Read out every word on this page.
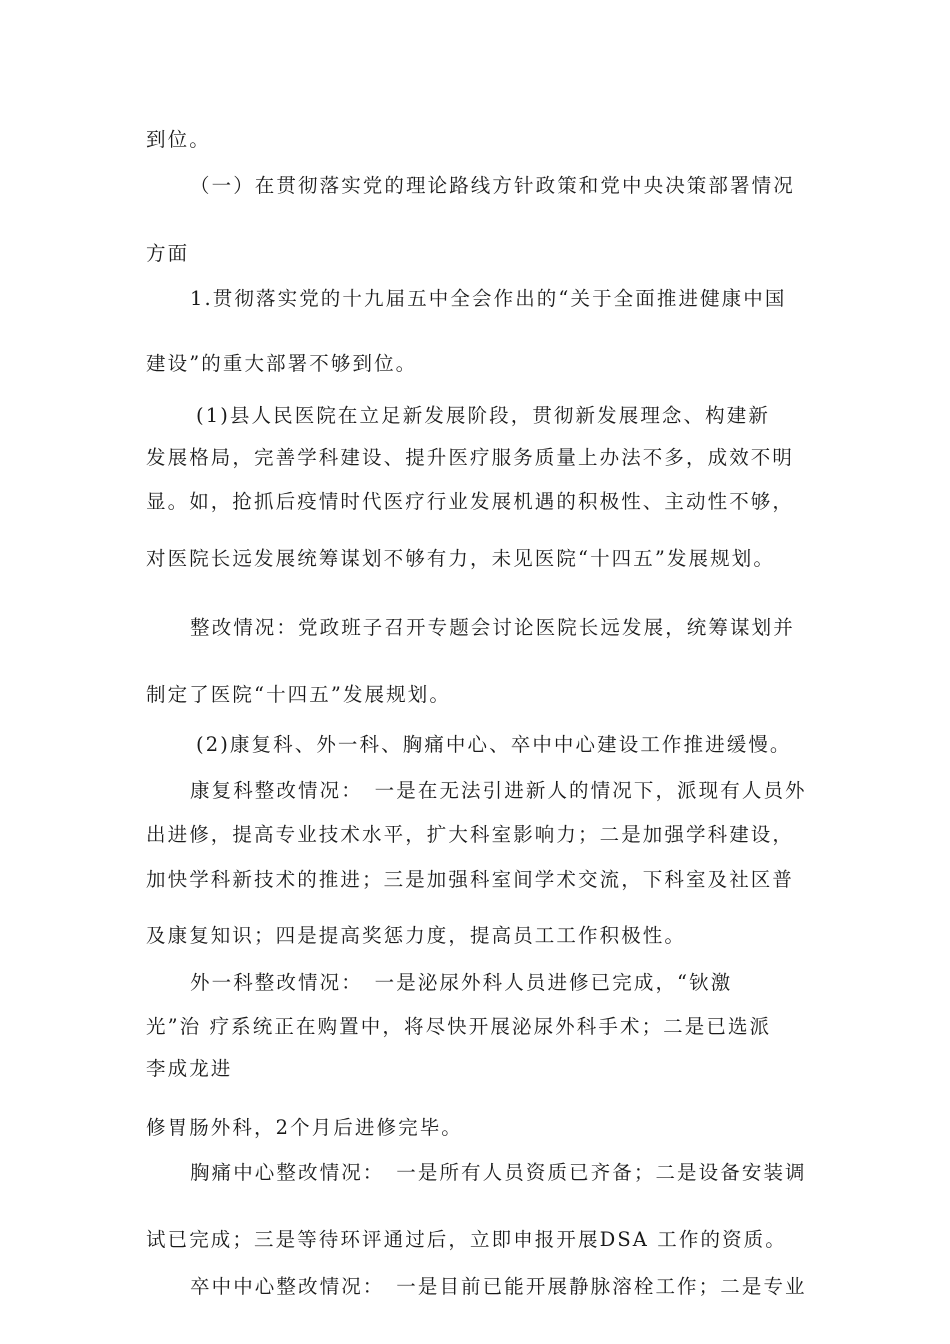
到位。

（一）在贯彻落实党的理论路线方针政策和党中央决策部署情况

方面

1.贯彻落实党的十九届五中全会作出的“关于全面推进健康中国

建设”的重大部署不够到位。

(1)县人民医院在立足新发展阶段，贯彻新发展理念、构建新

发展格局，完善学科建设、提升医疗服务质量上办法不多，成效不明

显。如，抢抓后疫情时代医疗行业发展机遇的积极性、主动性不够，

对医院长远发展统筹谋划不够有力，未见医院“十四五”发展规划。

整改情况：党政班子召开专题会讨论医院长远发展，统筹谋划并

制定了医院“十四五”发展规划。

(2)康复科、外一科、胸痛中心、卒中中心建设工作推进缓慢。

康复科整改情况：　一是在无法引进新人的情况下，派现有人员外

出进修，提高专业技术水平，扩大科室影响力；二是加强学科建设，

加快学科新技术的推进；三是加强科室间学术交流，下科室及社区普

及康复知识；四是提高奖惩力度，提高员工工作积极性。

外一科整改情况：　一是泌尿外科人员进修已完成，“钬激

光”治 疗系统正在购置中，将尽快开展泌尿外科手术；二是已选派

李成龙进

修胃肠外科，2个月后进修完毕。

胸痛中心整改情况：　一是所有人员资质已齐备；二是设备安装调

试已完成；三是等待环评通过后，立即申报开展DSA 工作的资质。

卒中中心整改情况：　一是目前已能开展静脉溶栓工作；二是专业
